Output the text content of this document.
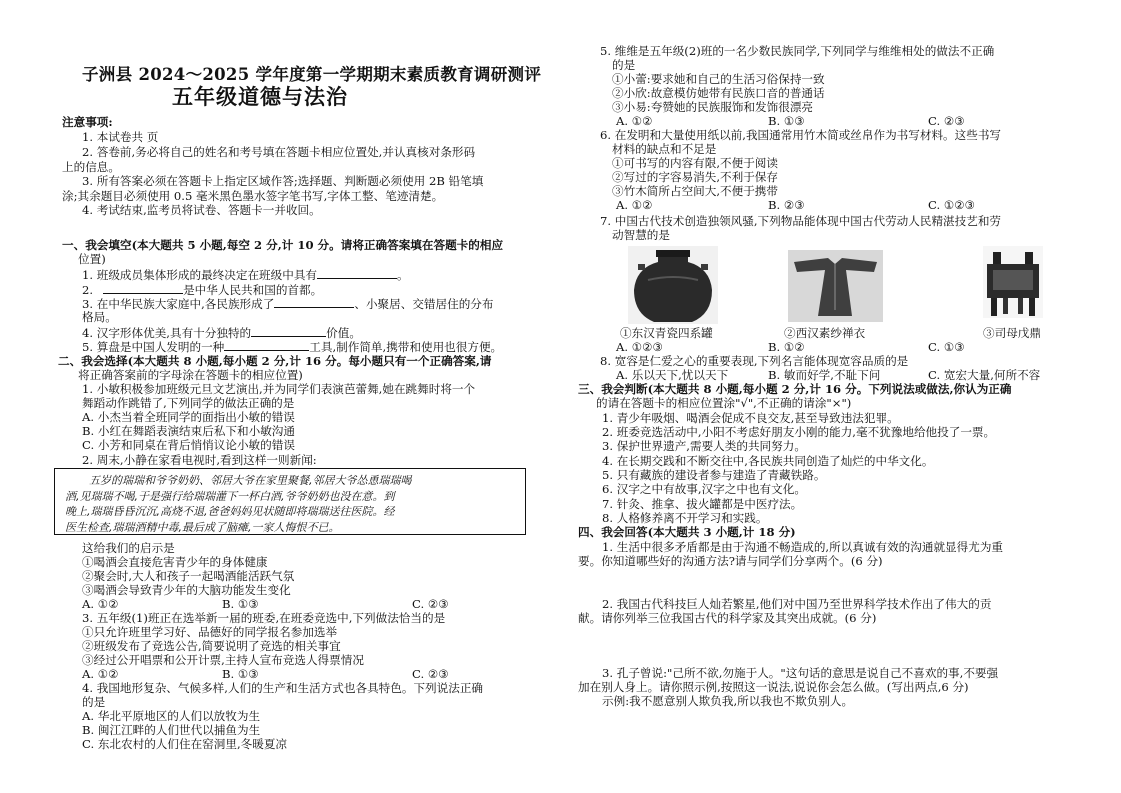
子洲县 2024～2025 学年度第一学期期末素质教育调研测评
五年级道德与法治
注意事项:
1. 本试卷共 页
2. 答卷前,务必将自己的姓名和考号填在答题卡相应位置处,并认真核对条形码
上的信息。
3. 所有答案必须在答题卡上指定区域作答;选择题、判断题必须使用 2B 铅笔填
涂;其余题目必须使用 0.5 毫米黑色墨水签字笔书写,字体工整、笔迹清楚。
4. 考试结束,监考员将试卷、答题卡一并收回。
一、我会填空(本大题共 5 小题,每空 2 分,计 10 分。请将正确答案填在答题卡的相应
位置)
1. 班级成员集体形成的最终决定在班级中具有	。
2.	是中华人民共和国的首都。
3. 在中华民族大家庭中,各民族形成了	、小聚居、交错居住的分布
格局。
4. 汉字形体优美,具有十分独特的	价值。
5. 算盘是中国人发明的一种	工具,制作简单,携带和使用也很方便。
二、我会选择(本大题共 8 小题,每小题 2 分,计 16 分。每小题只有一个正确答案,请
将正确答案前的字母涂在答题卡的相应位置)
1. 小敏积极参加班级元旦文艺演出,并为同学们表演芭蕾舞,她在跳舞时将一个
舞蹈动作跳错了,下列同学的做法正确的是
A. 小杰当着全班同学的面指出小敏的错误
B. 小红在舞蹈表演结束后私下和小敏沟通
C. 小芳和同桌在背后悄悄议论小敏的错误
2. 周末,小静在家看电视时,看到这样一则新闻:
这给我们的启示是
①喝酒会直接危害青少年的身体健康
②聚会时,大人和孩子一起喝酒能活跃气氛
③喝酒会导致青少年的大脑功能发生变化
A. ①②	B. ①③	C. ②③
3. 五年级(1)班正在选举新一届的班委,在班委竞选中,下列做法恰当的是
①只允许班里学习好、品德好的同学报名参加选举
②班级发布了竞选公告,简要说明了竞选的相关事宜
③经过公开唱票和公开计票,主持人宣布竞选人得票情况
A. ①②	B. ①③	C. ②③
4. 我国地形复杂、气候多样,人们的生产和生活方式也各具特色。下列说法正确
的是
A. 华北平原地区的人们以放牧为生
B. 闽江江畔的人们世代以捕鱼为生
C. 东北农村的人们住在窑洞里,冬暖夏凉
五岁的瑞瑞和爷爷奶奶、邻居大爷在家里聚餐,邻居大爷怂恿瑞瑞喝
酒,见瑞瑞不喝,于是强行给瑞瑞灌下一杯白酒,爷爷奶奶也没在意。到
晚上,瑞瑞昏昏沉沉,高烧不退,爸爸妈妈见状随即将瑞瑞送往医院。经
医生检查,瑞瑞酒精中毒,最后成了脑瘫,一家人悔恨不已。
5. 维维是五年级(2)班的一名少数民族同学,下列同学与维维相处的做法不正确
的是
①小蕾:要求她和自己的生活习俗保持一致
②小欣:故意模仿她带有民族口音的普通话
③小易:夸赞她的民族服饰和发饰很漂亮
A. ①②	B. ①③	C. ②③
6. 在发明和大量使用纸以前,我国通常用竹木简或丝帛作为书写材料。这些书写
材料的缺点和不足是
①可书写的内容有限,不便于阅读
②写过的字容易消失,不利于保存
③竹木简所占空间大,不便于携带
A. ①②	B. ②③	C. ①②③
7. 中国古代技术创造独领风骚,下列物品能体现中国古代劳动人民精湛技艺和劳
动智慧的是
①东汉青瓷四系罐	②西汉素纱禅衣	③司母戊鼎
A. ①②③	B. ①②	C. ①③
8. 宽容是仁爱之心的重要表现,下列名言能体现宽容品质的是
A. 乐以天下,忧以天下	B. 敏而好学,不耻下问	C. 宽宏大量,何所不容
三、我会判断(本大题共 8 小题,每小题 2 分,计 16 分。下列说法或做法,你认为正确
的请在答题卡的相应位置涂"√",不正确的请涂"×")
1. 青少年吸烟、喝酒会促成不良交友,甚至导致违法犯罪。
2. 班委竞选活动中,小阳不考虑好朋友小刚的能力,毫不犹豫地给他投了一票。
3. 保护世界遗产,需要人类的共同努力。
4. 在长期交践和不断交往中,各民族共同创造了灿烂的中华文化。
5. 只有藏族的建设者参与建造了青藏铁路。
6. 汉字之中有故事,汉字之中也有文化。
7. 针灸、推拿、拔火罐都是中医疗法。
8. 人格修养离不开学习和实践。
四、我会回答(本大题共 3 小题,计 18 分)
1. 生活中很多矛盾都是由于沟通不畅造成的,所以真诚有效的沟通就显得尤为重
要。你知道哪些好的沟通方法?请与同学们分享两个。(6 分)
2. 我国古代科技巨人灿若繁星,他们对中国乃至世界科学技术作出了伟大的贡
献。请你列举三位我国古代的科学家及其突出成就。(6 分)
3. 孔子曾说:"己所不欲,勿施于人。"这句话的意思是说自己不喜欢的事,不要强
加在别人身上。请你照示例,按照这一说法,说说你会怎么做。(写出两点,6 分)
示例:我不愿意别人欺负我,所以我也不欺负别人。
